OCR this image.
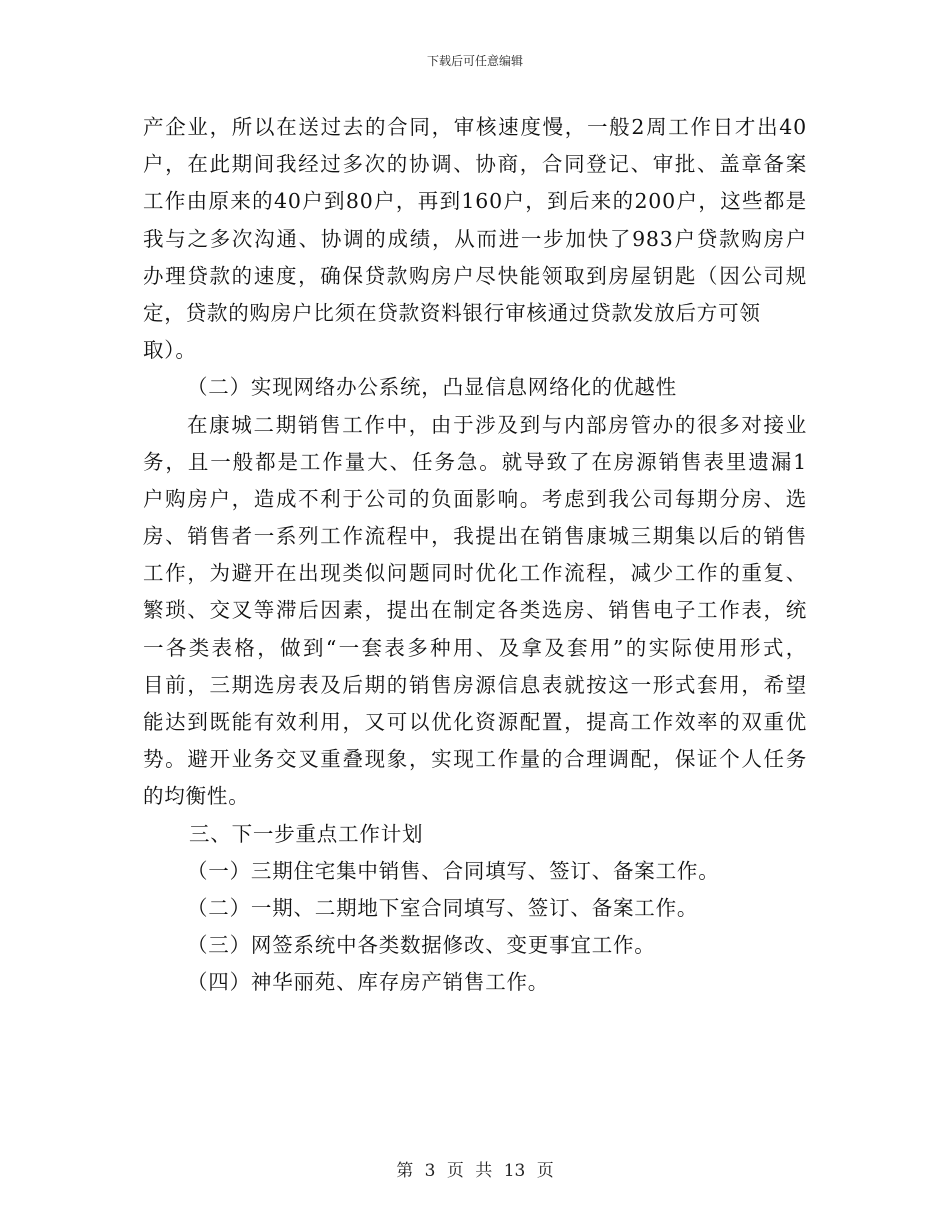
下载后可任意编辑
产企业，所以在送过去的合同，审核速度慢，一般2周工作日才出40
户，在此期间我经过多次的协调、协商，合同登记、审批、盖章备案
工作由原来的40户到80户，再到160户，到后来的200户，这些都是
我与之多次沟通、协调的成绩，从而进一步加快了983户贷款购房户
办理贷款的速度，确保贷款购房户尽快能领取到房屋钥匙（因公司规
定，贷款的购房户比须在贷款资料银行审核通过贷款发放后方可领
取）。
（二）实现网络办公系统，凸显信息网络化的优越性
在康城二期销售工作中，由于涉及到与内部房管办的很多对接业
务，且一般都是工作量大、任务急。就导致了在房源销售表里遗漏1
户购房户，造成不利于公司的负面影响。考虑到我公司每期分房、选
房、销售者一系列工作流程中，我提出在销售康城三期集以后的销售
工作，为避开在出现类似问题同时优化工作流程，减少工作的重复、
繁琐、交叉等滞后因素，提出在制定各类选房、销售电子工作表，统
一各类表格，做到“一套表多种用、及拿及套用”的实际使用形式，
目前，三期选房表及后期的销售房源信息表就按这一形式套用，希望
能达到既能有效利用，又可以优化资源配置，提高工作效率的双重优
势。避开业务交叉重叠现象，实现工作量的合理调配，保证个人任务
的均衡性。
三、下一步重点工作计划
（一）三期住宅集中销售、合同填写、签订、备案工作。
（二）一期、二期地下室合同填写、签订、备案工作。
（三）网签系统中各类数据修改、变更事宜工作。
（四）神华丽苑、库存房产销售工作。
第 3 页 共 13 页
